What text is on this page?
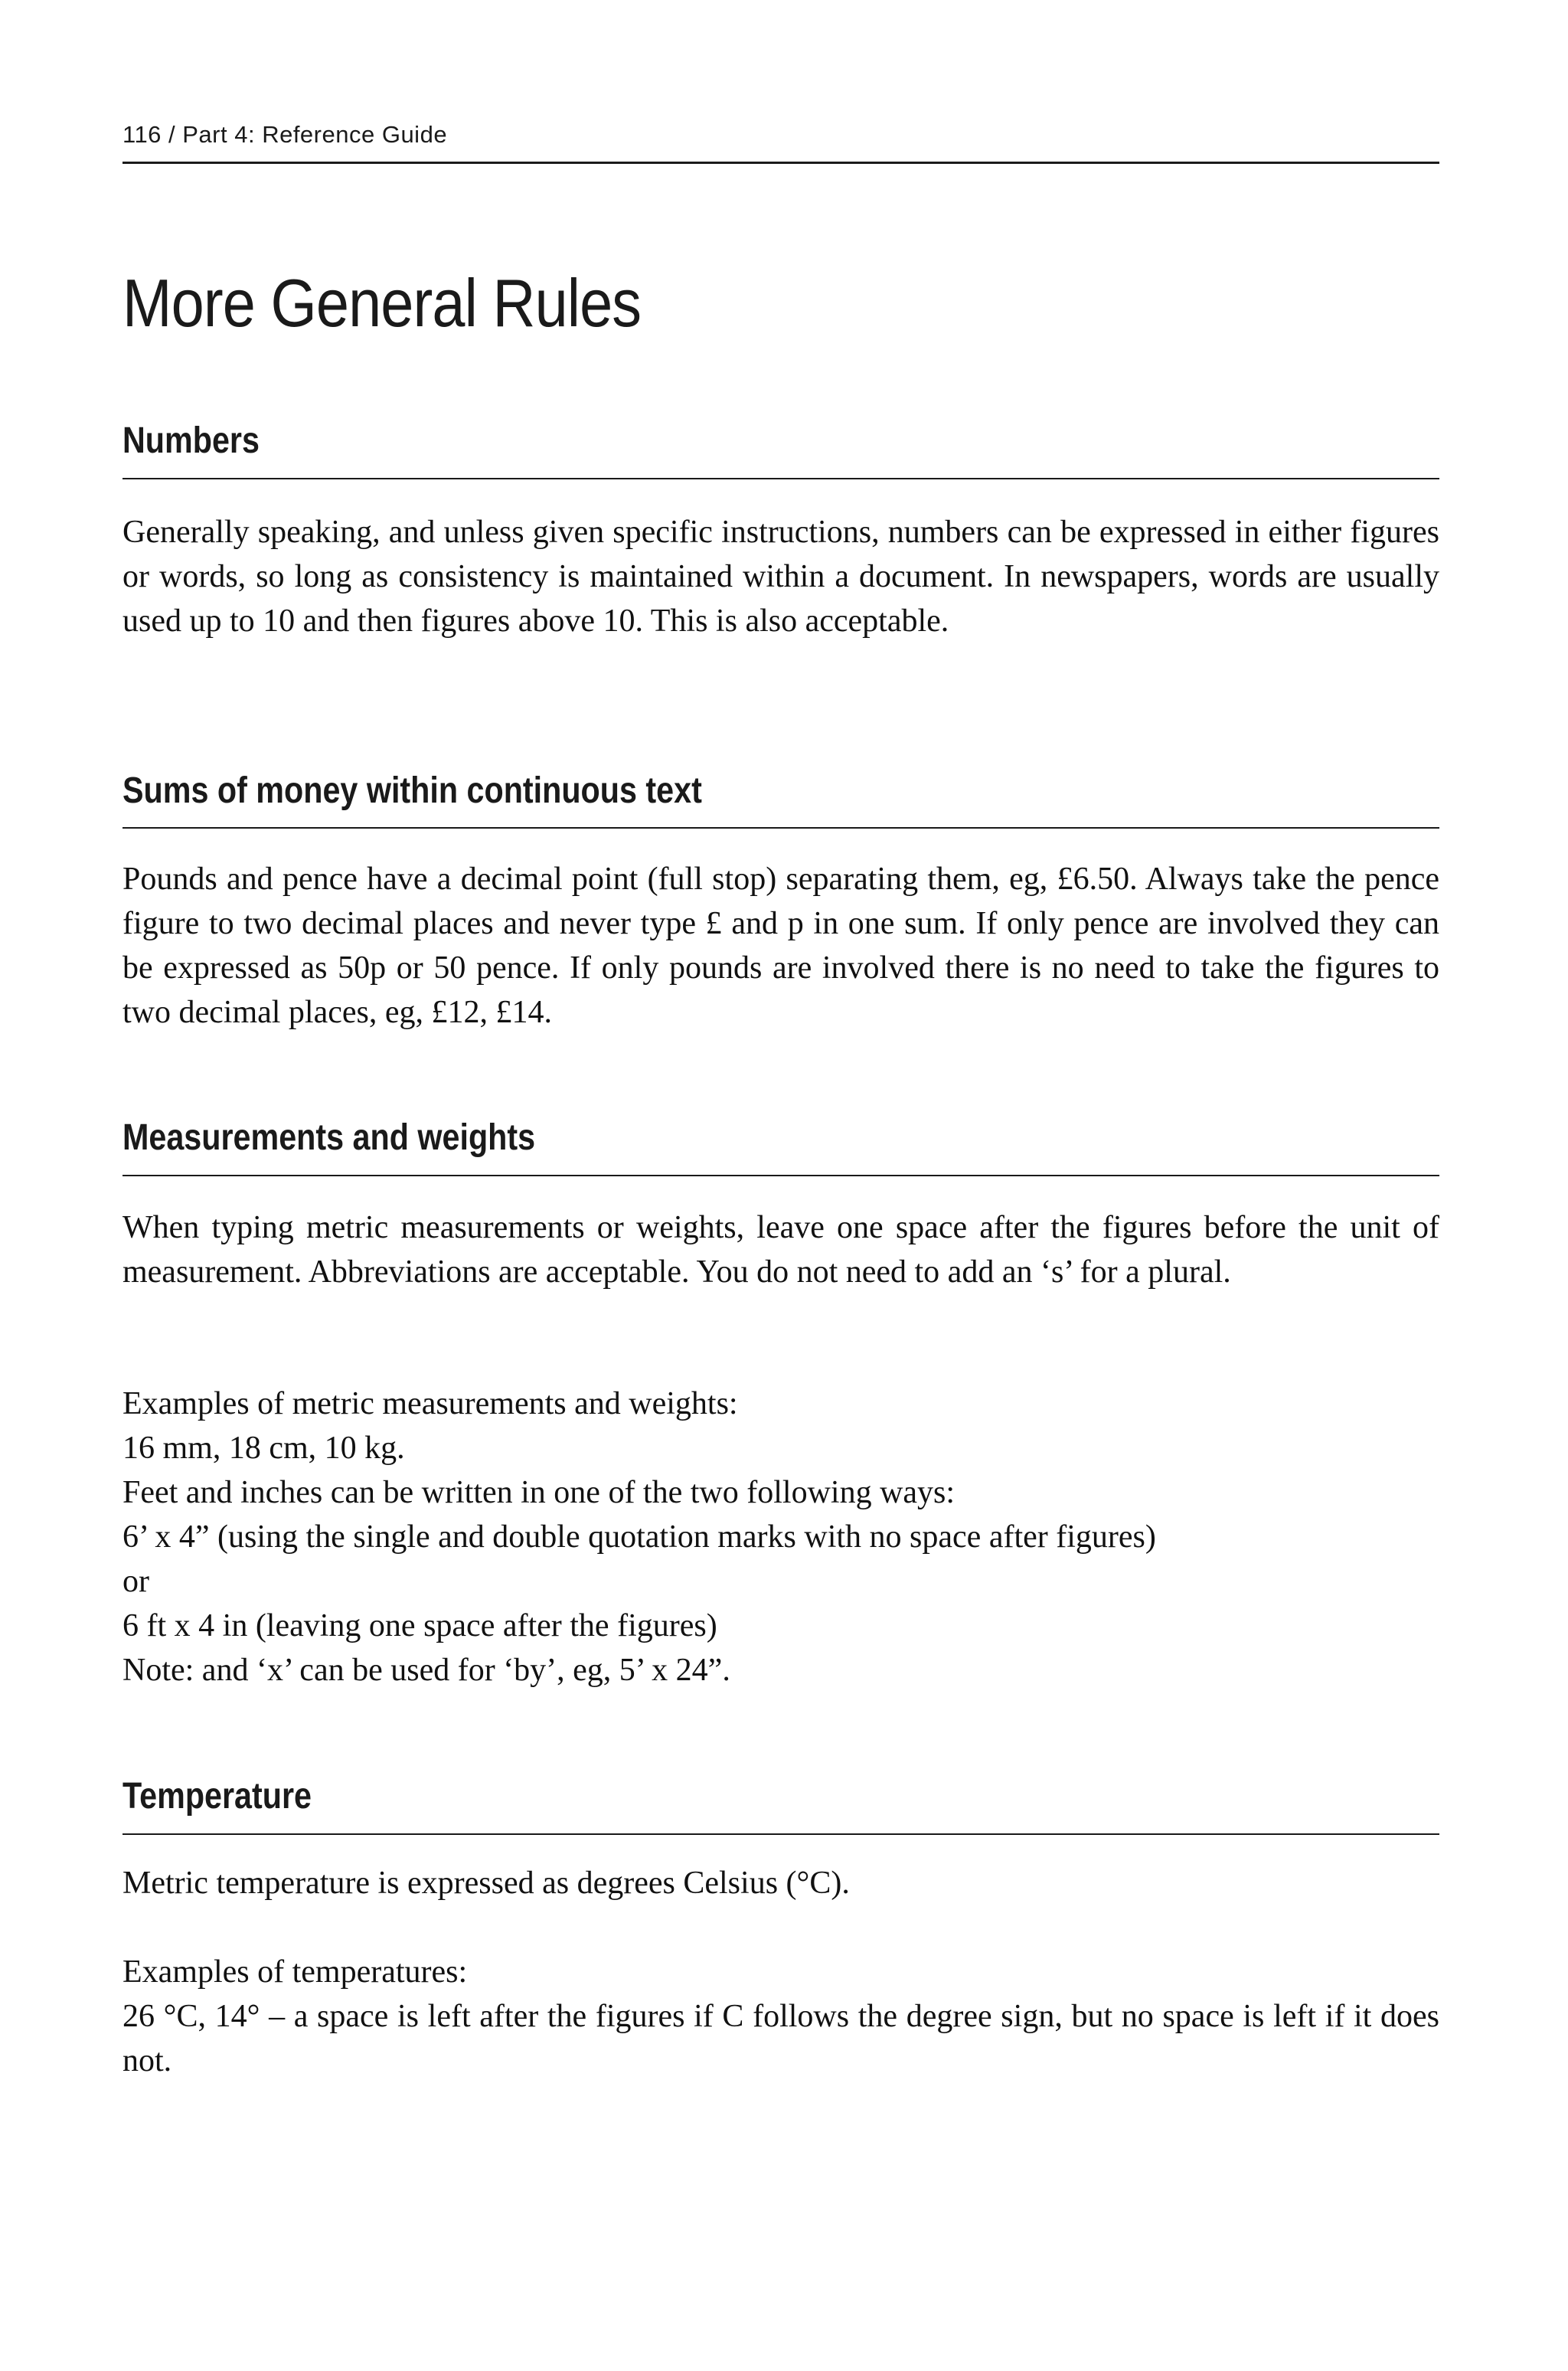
116 / Part 4: Reference Guide
More General Rules
Numbers

Generally speaking, and unless given specific instructions, numbers can be expressed in either figures or words, so long as consistency is maintained within a document. In newspapers, words are usually used up to 10 and then figures above 10. This is also acceptable.

Sums of money within continuous text

Pounds and pence have a decimal point (full stop) separating them, eg, £6.50. Always take the pence figure to two decimal places and never type £ and p in one sum. If only pence are involved they can be expressed as 50p or 50 pence. If only pounds are involved there is no need to take the figures to two decimal places, eg, £12, £14.

Measurements and weights

When typing metric measurements or weights, leave one space after the figures before the unit of measurement. Abbreviations are acceptable. You do not need to add an ‘s’ for a plural.

Examples of metric measurements and weights:
16 mm, 18 cm, 10 kg.
Feet and inches can be written in one of the two following ways:
6’ x 4” (using the single and double quotation marks with no space after figures)
or
6 ft x 4 in (leaving one space after the figures)
Note: and ‘x’ can be used for ‘by’, eg, 5’ x 24”.
Temperature

Metric temperature is expressed as degrees Celsius (°C).

Examples of temperatures:

26 °C, 14° – a space is left after the figures if C follows the degree sign, but no space is left if it does not.
